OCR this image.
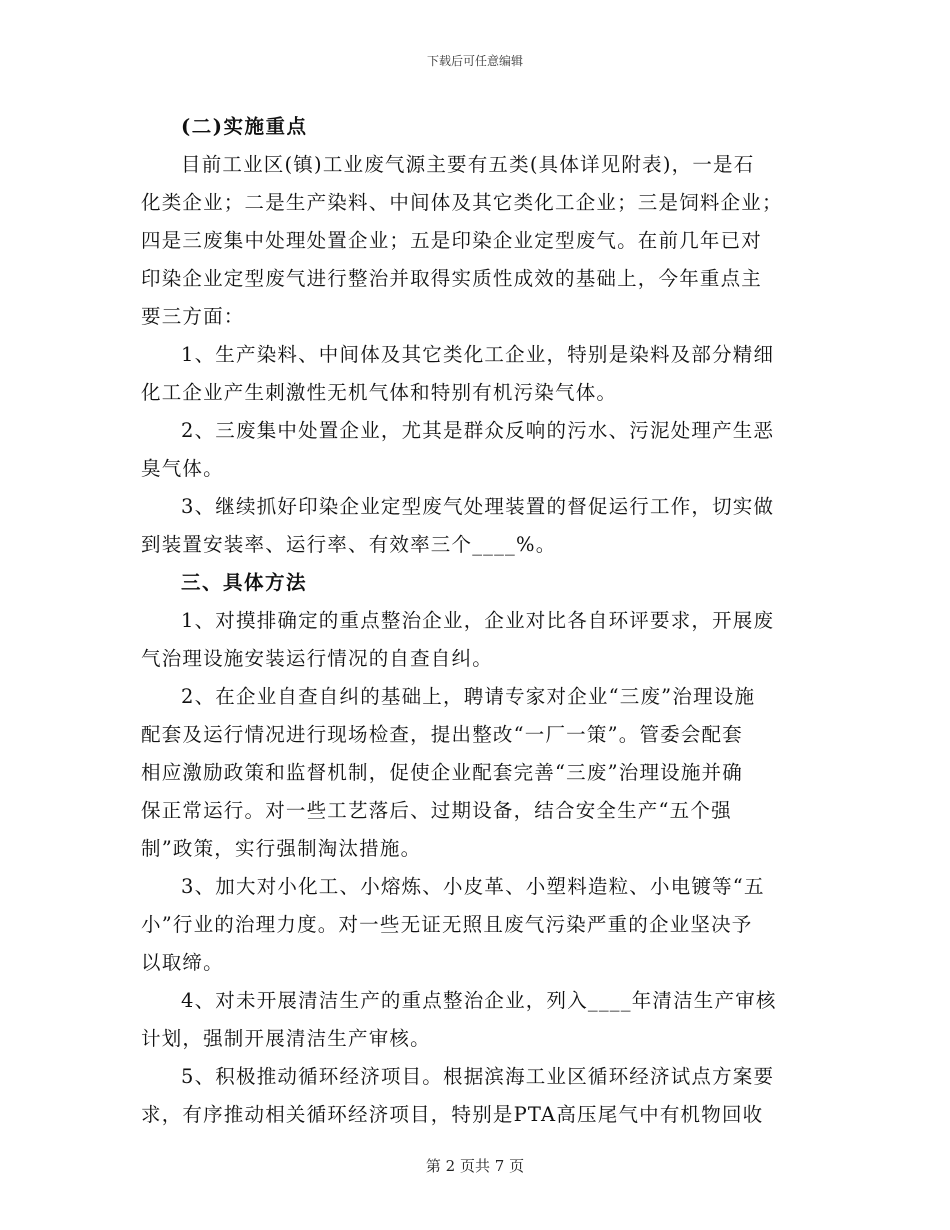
下载后可任意编辑
(二)实施重点
目前工业区(镇)工业废气源主要有五类(具体详见附表)，一是石
化类企业；二是生产染料、中间体及其它类化工企业；三是饲料企业；
四是三废集中处理处置企业；五是印染企业定型废气。在前几年已对
印染企业定型废气进行整治并取得实质性成效的基础上，今年重点主
要三方面：
1、生产染料、中间体及其它类化工企业，特别是染料及部分精细
化工企业产生刺激性无机气体和特别有机污染气体。
2、三废集中处置企业，尤其是群众反响的污水、污泥处理产生恶
臭气体。
3、继续抓好印染企业定型废气处理装置的督促运行工作，切实做
到装置安装率、运行率、有效率三个____%。
三、具体方法
1、对摸排确定的重点整治企业，企业对比各自环评要求，开展废
气治理设施安装运行情况的自查自纠。
2、在企业自查自纠的基础上，聘请专家对企业“三废”治理设施
配套及运行情况进行现场检查，提出整改“一厂一策”。管委会配套
相应激励政策和监督机制，促使企业配套完善“三废”治理设施并确
保正常运行。对一些工艺落后、过期设备，结合安全生产“五个强
制”政策，实行强制淘汰措施。
3、加大对小化工、小熔炼、小皮革、小塑料造粒、小电镀等“五
小”行业的治理力度。对一些无证无照且废气污染严重的企业坚决予
以取缔。
4、对未开展清洁生产的重点整治企业，列入____年清洁生产审核
计划，强制开展清洁生产审核。
5、积极推动循环经济项目。根据滨海工业区循环经济试点方案要
求，有序推动相关循环经济项目，特别是PTA高压尾气中有机物回收
第 2 页共 7 页
